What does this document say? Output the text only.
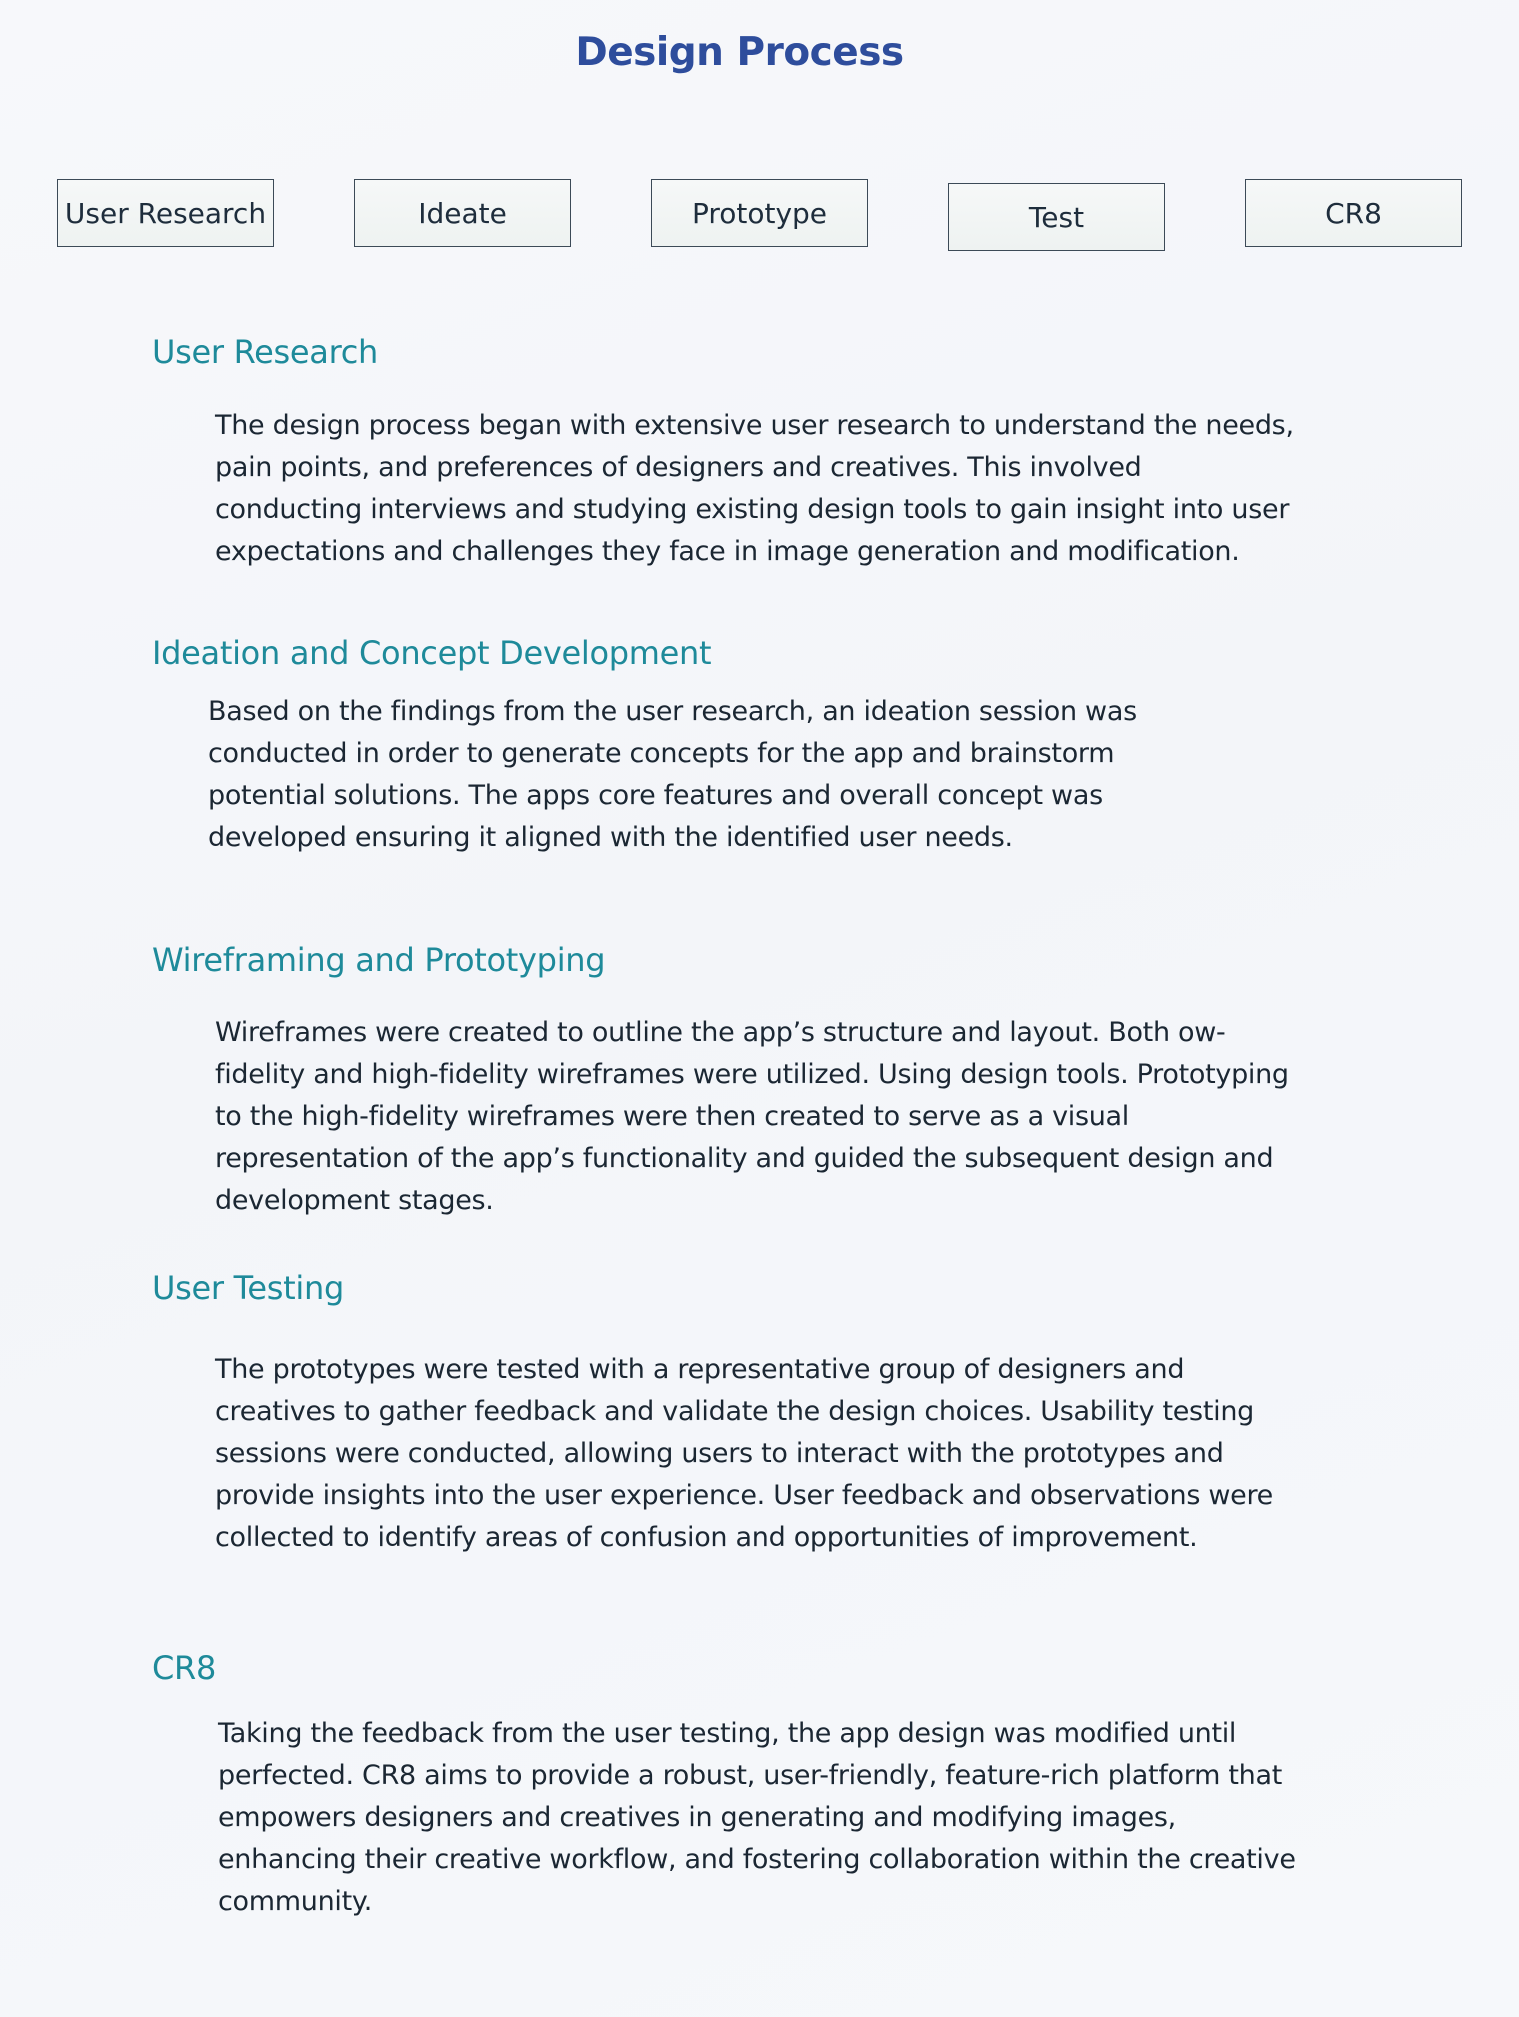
Design Process
User Research	Ideate	Prototype	Test	CR8
User Research

The design process began with extensive user research to understand the needs, pain points, and preferences of designers and creatives. This involved conducting interviews and studying existing design tools to gain insight into user expectations and challenges they face in image generation and modification.

Ideation and Concept Development

Based on the findings from the user research, an ideation session was conducted in order to generate concepts for the app and brainstorm potential solutions. The apps core features and overall concept was developed ensuring it aligned with the identified user needs.

Wireframing and Prototyping

Wireframes were created to outline the app’s structure and layout. Both ow-fidelity and high-fidelity wireframes were utilized. Using design tools. Prototyping to the high-fidelity wireframes were then created to serve as a visual representation of the app’s functionality and guided the subsequent design and development stages.

User Testing

The prototypes were tested with a representative group of designers and creatives to gather feedback and validate the design choices. Usability testing sessions were conducted, allowing users to interact with the prototypes and provide insights into the user experience. User feedback and observations were collected to identify areas of confusion and opportunities of improvement.

CR8

Taking the feedback from the user testing, the app design was modified until perfected. CR8 aims to provide a robust, user-friendly, feature-rich platform that empowers designers and creatives in generating and modifying images, enhancing their creative workflow, and fostering collaboration within the creative community.
